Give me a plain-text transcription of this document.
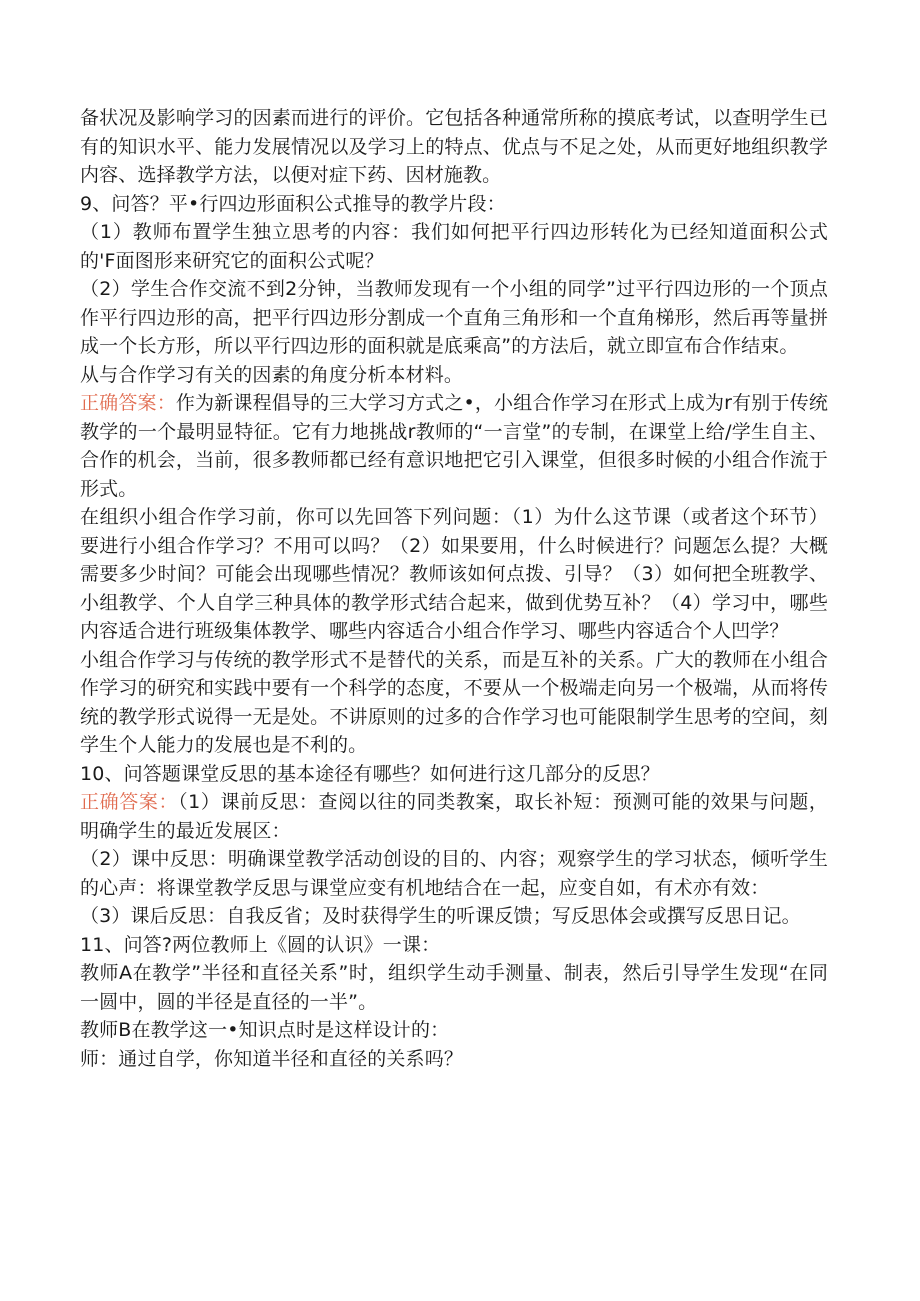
备状况及影响学习的因素而进行的评价。它包括各种通常所称的摸底考试，以查明学生已有的知识水平、能力发展情况以及学习上的特点、优点与不足之处，从而更好地组织教学内容、选择教学方法，以便对症下药、因材施教。

9、问答？平•行四边形面积公式推导的教学片段：

（1）教师布置学生独立思考的内容：我们如何把平行四边形转化为已经知道面积公式的'F面图形来研究它的面积公式呢？

（2）学生合作交流不到2分钟，当教师发现有一个小组的同学”过平行四边形的一个顶点作平行四边形的高，把平行四边形分割成一个直角三角形和一个直角梯形，然后再等量拼成一个长方形，所以平行四边形的面积就是底乘高”的方法后，就立即宣布合作结束。

从与合作学习有关的因素的角度分析本材料。

正确答案：作为新课程倡导的三大学习方式之•，小组合作学习在形式上成为r有别于传统教学的一个最明显特征。它有力地挑战r教师的“一言堂”的专制，在课堂上给/学生自主、合作的机会，当前，很多教师都已经有意识地把它引入课堂，但很多时候的小组合作流于形式。

在组织小组合作学习前，你可以先回答下列问题：（1）为什么这节课（或者这个环节）要进行小组合作学习？不用可以吗？（2）如果要用，什么时候进行？问题怎么提？大概需要多少时间？可能会出现哪些情况？教师该如何点拨、引导？（3）如何把全班教学、小组教学、个人自学三种具体的教学形式结合起来，做到优势互补？（4）学习中，哪些内容适合进行班级集体教学、哪些内容适合小组合作学习、哪些内容适合个人凹学？

小组合作学习与传统的教学形式不是替代的关系，而是互补的关系。广大的教师在小组合作学习的研究和实践中要有一个科学的态度，不要从一个极端走向另一个极端，从而将传统的教学形式说得一无是处。不讲原则的过多的合作学习也可能限制学生思考的空间，刻学生个人能力的发展也是不利的。

10、问答题课堂反思的基本途径有哪些？如何进行这几部分的反思？

正确答案：（1）课前反思：查阅以往的同类教案，取长补短：预测可能的效果与问题，明确学生的最近发展区：

（2）课中反思：明确课堂教学活动创设的目的、内容；观察学生的学习状态，倾听学生的心声：将课堂教学反思与课堂应变有机地结合在一起，应变自如，有术亦有效：

（3）课后反思：自我反省；及时获得学生的听课反馈；写反思体会或撰写反思日记。

11、问答?两位教师上《圆的认识》一课：

教师A在教学”半径和直径关系”时，组织学生动手测量、制表，然后引导学生发现“在同一圆中，圆的半径是直径的一半”。

教师B在教学这一•知识点时是这样设计的：

师：通过自学，你知道半径和直径的关系吗？
